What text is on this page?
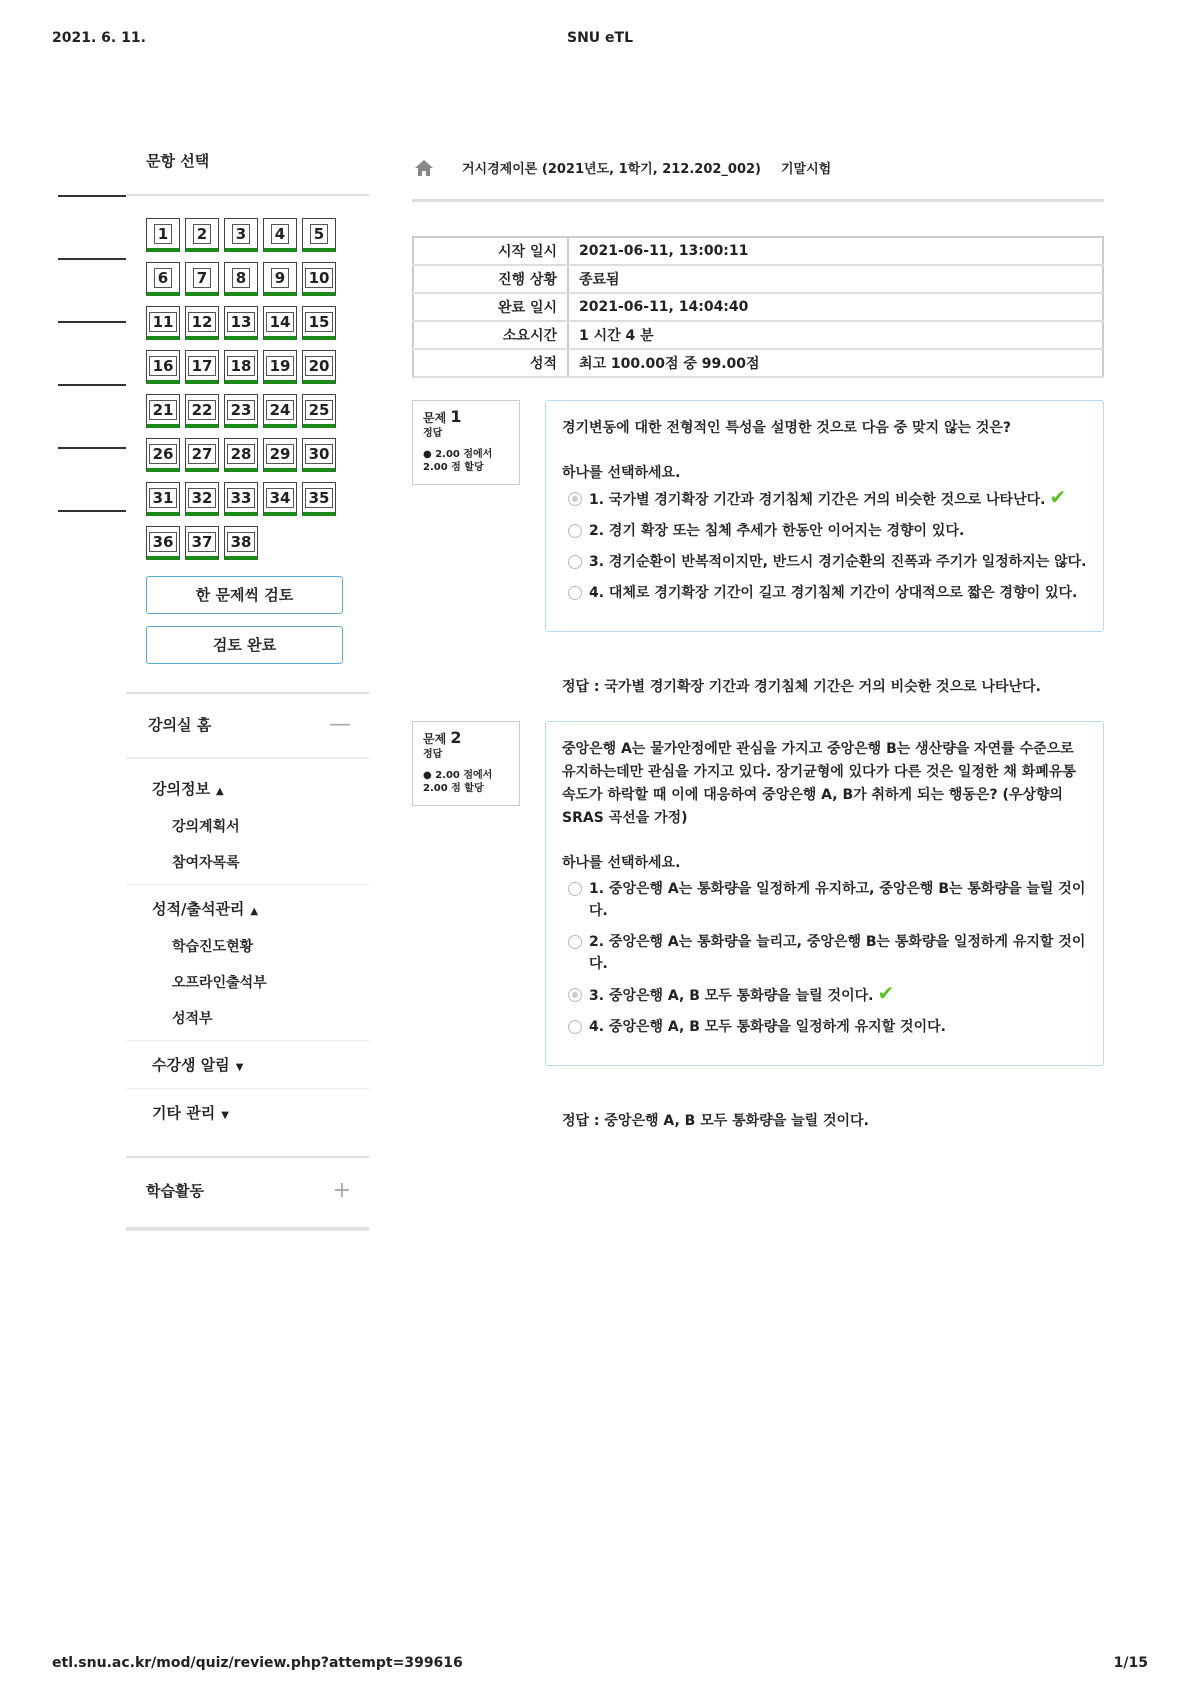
2021. 6. 11.	SNU eTL
문항 선택
1 2 3 4 5
6 7 8 9 10
11 12 13 14 15
16 17 18 19 20
21 22 23 24 25
26 27 28 29 30
31 32 33 34 35
36 37 38
한 문제씩 검토
검토 완료
강의실 홈	—
강의정보 ▲
강의계획서
참여자목록
성적/출석관리 ▲
학습진도현황
오프라인출석부
성적부
수강생 알림 ▼
기타 관리 ▼
학습활동	+
거시경제이론 (2021년도, 1학기, 212.202_002) 기말시험
시작 일시	2021-06-11, 13:00:11
진행 상황	종료됨
완료 일시	2021-06-11, 14:04:40
소요시간	1 시간 4 분
성적	최고 100.00점 중 99.00점
문제 1
정답
● 2.00 점에서
2.00 점 할당
경기변동에 대한 전형적인 특성을 설명한 것으로 다음 중 맞지 않는 것은?
하나를 선택하세요.
1. 국가별 경기확장 기간과 경기침체 기간은 거의 비슷한 것으로 나타난다. ✔
2. 경기 확장 또는 침체 추세가 한동안 이어지는 경향이 있다.
3. 경기순환이 반복적이지만, 반드시 경기순환의 진폭과 주기가 일정하지는 않다.
4. 대체로 경기확장 기간이 길고 경기침체 기간이 상대적으로 짧은 경향이 있다.
정답 : 국가별 경기확장 기간과 경기침체 기간은 거의 비슷한 것으로 나타난다.
문제 2
정답
● 2.00 점에서
2.00 점 할당
중앙은행 A는 물가안정에만 관심을 가지고 중앙은행 B는 생산량을 자연률 수준으로 유지하는데만 관심을 가지고 있다. 장기균형에 있다가 다른 것은 일정한 채 화폐유통속도가 하락할 때 이에 대응하여 중앙은행 A, B가 취하게 되는 행동은? (우상향의 SRAS 곡선을 가정)
하나를 선택하세요.
1. 중앙은행 A는 통화량을 일정하게 유지하고, 중앙은행 B는 통화량을 늘릴 것이다.
2. 중앙은행 A는 통화량을 늘리고, 중앙은행 B는 통화량을 일정하게 유지할 것이다.
3. 중앙은행 A, B 모두 통화량을 늘릴 것이다. ✔
4. 중앙은행 A, B 모두 통화량을 일정하게 유지할 것이다.
정답 : 중앙은행 A, B 모두 통화량을 늘릴 것이다.
etl.snu.ac.kr/mod/quiz/review.php?attempt=399616	1/15
